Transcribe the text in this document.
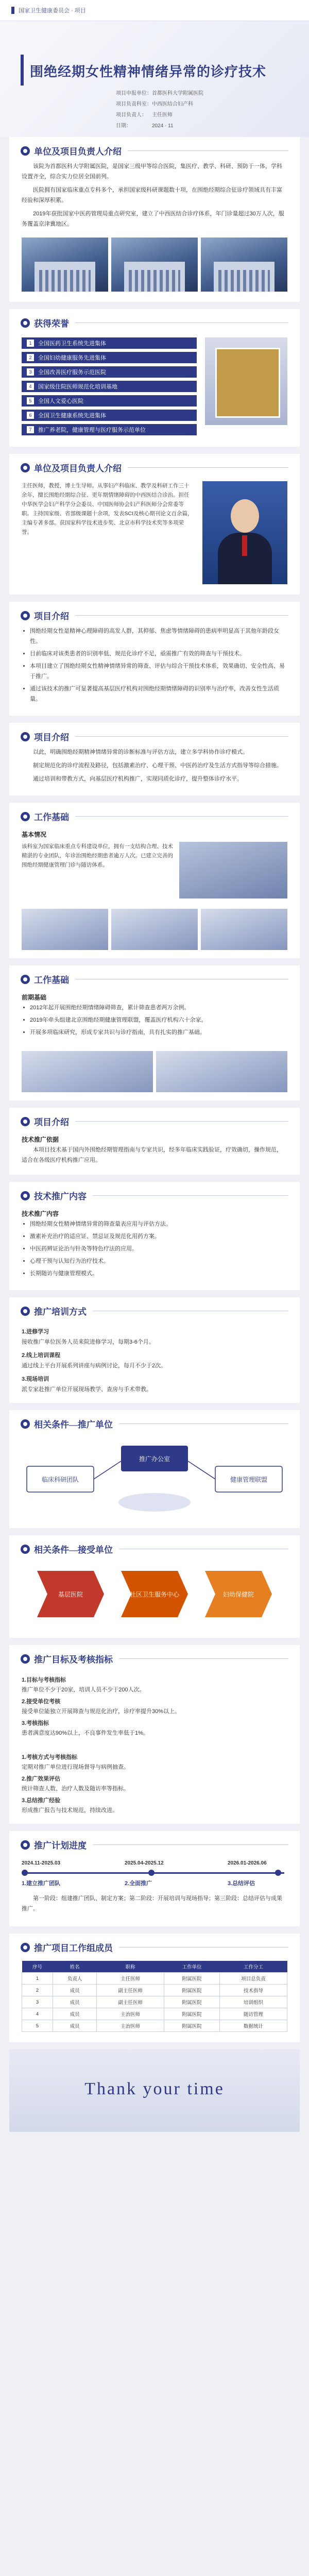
国家卫生健康委员会 · 项目
围绝经期女性精神情绪异常的诊疗技术
项目申报单位：首都医科大学附属医院
项目负责科室：中西医结合妇产科
项目负责人： 主任医师
日期：	2024 · 11
单位及项目负责人介绍

该院为首都医科大学附属医院，是国家三级甲等综合医院，集医疗、教学、科研、预防于一体，学科设置齐全，综合实力位居全国前列。

医院拥有国家临床重点专科多个，承担国家级科研课题数十项，在围绝经期综合征诊疗领域具有丰富经验和深厚积累。

2019年获批国家中医药管理局重点研究室，建立了中西医结合诊疗体系，年门诊量超过30万人次，服务覆盖京津冀地区。

获得荣誉
1	全国医药卫生系统先进集体
2	全国妇幼健康服务先进集体
3	全国改善医疗服务示范医院
4	国家级住院医师规范化培训基地
5	全国人文爱心医院
6	全国卫生健康系统先进集体
7	推广养老院，健康管理与医疗服务示范单位
单位及项目负责人介绍
主任医师，教授，博士生导师。从事妇产科临床、教学及科研工作三十余年，擅长围绝经期综合征、更年期情绪障碍的中西医结合诊治。担任中华医学会妇产科学分会委员、中国医师协会妇产科医师分会常委等职。主持国家级、省部级课题十余项，发表SCI及核心期刊论文百余篇，主编专著多部。获国家科学技术进步奖、北京市科学技术奖等多项荣誉。
项目介绍
• 围绝经期女性是精神心理障碍的高发人群，其抑郁、焦虑等情绪障碍的患病率明显高于其他年龄段女性。
• 目前临床对该类患者的识别率低、规范化诊疗不足，亟需推广有效的筛查与干预技术。
• 本项目建立了围绝经期女性精神情绪异常的筛查、评估与综合干预技术体系，效果确切、安全性高、易于推广。
• 通过该技术的推广可显著提高基层医疗机构对围绝经期情绪障碍的识别率与治疗率，改善女性生活质量。
项目介绍

以此，明确围绝经期精神情绪异常的诊断标准与评估方法，建立多学科协作诊疗模式。

制定规范化的诊疗流程及路径，包括激素治疗、心理干预、中医药治疗及生活方式指导等综合措施。

通过培训和带教方式，向基层医疗机构推广，实现同质化诊疗，提升整体诊疗水平。

工作基础
基本情况
该科室为国家临床重点专科建设单位，拥有一支结构合理、技术精湛的专业团队，年诊治围绝经期患者逾万人次。已建立完善的围绝经期健康管理门诊与随访体系。
工作基础
前期基础
• 2012年起开展围绝经期情绪障碍筛查，累计筛查患者两万余例。
• 2019年牵头组建北京围绝经期健康管理联盟，覆盖医疗机构六十余家。
• 开展多项临床研究，形成专家共识与诊疗指南，具有扎实的推广基础。
项目介绍
技术推广依据

本项目技术基于国内外围绝经期管理指南与专家共识，经多年临床实践验证，疗效确切，操作规范，适合在各级医疗机构推广应用。

技术推广内容
技术推广内容
• 围绝经期女性精神情绪异常的筛查量表应用与评估方法。
• 激素补充治疗的适应证、禁忌证及规范化用药方案。
• 中医药辨证论治与针灸等特色疗法的应用。
• 心理干预与认知行为治疗技术。
• 长期随访与健康管理模式。
推广培训方式
1.进修学习
接收推广单位医务人员来院进修学习，每期3-6个月。
2.线上培训课程
通过线上平台开展系列讲座与病例讨论，每月不少于2次。
3.现场培训
派专家赴推广单位开展现场教学、查房与手术带教。
相关条件—推广单位
临床科研团队
推广办公室
健康管理联盟
相关条件—接受单位
基层医院	社区卫生服务中心	妇幼保健院
推广目标及考核指标
1.目标与考核指标
推广单位不少于20家，培训人员不少于200人次。
2.接受单位考核
接受单位能独立开展筛查与规范化治疗，诊疗率提升30%以上。
3.考核指标
患者满意度达90%以上，不良事件发生率低于1%。
1.考核方式与考核指标
定期对推广单位进行现场督导与病例抽查。
2.推广效果评估
统计筛查人数、治疗人数及随访率等指标。
3.总结推广经验
形成推广报告与技术规范，持续改进。
推广计划进度
2024.11-2025.03	2025.04-2025.12	2026.01-2026.06
1.建立推广团队	2.全面推广	3.总结评估

第一阶段：组建推广团队、制定方案；第二阶段：开展培训与现场指导；第三阶段：总结评估与成果推广。

推广项目工作组成员
序号	姓名	职称	工作单位	工作分工
1	负责人	主任医师	附属医院	项目总负责
2	成员	副主任医师	附属医院	技术指导
3	成员	副主任医师	附属医院	培训组织
4	成员	主治医师	附属医院	随访管理
5	成员	主治医师	附属医院	数据统计
Thank your time
